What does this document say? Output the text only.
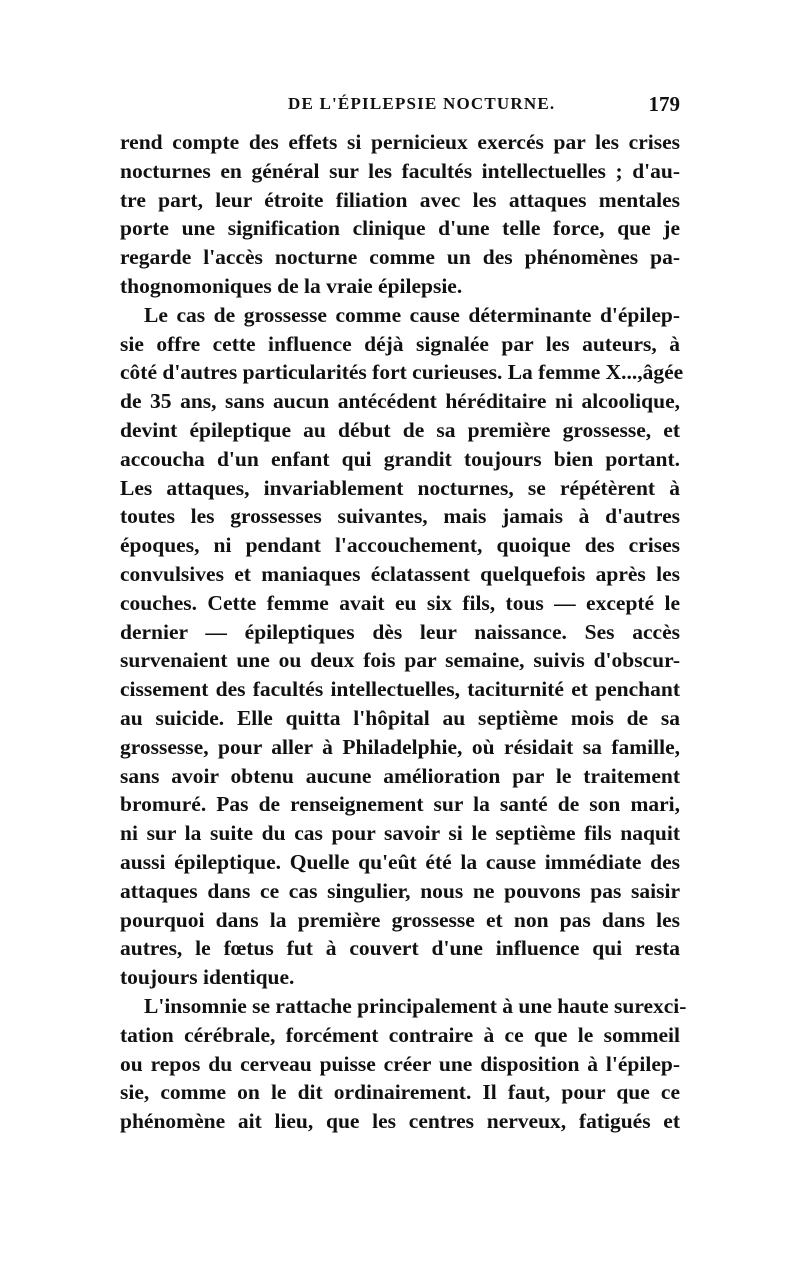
DE L'ÉPILEPSIE NOCTURNE.	179
rend compte des effets si pernicieux exercés par les crises
nocturnes en général sur les facultés intellectuelles ; d'au-
tre part, leur étroite filiation avec les attaques mentales
porte une signification clinique d'une telle force, que je
regarde l'accès nocturne comme un des phénomènes pa-
thognomoniques de la vraie épilepsie.
Le cas de grossesse comme cause déterminante d'épilep-
sie offre cette influence déjà signalée par les auteurs, à
côté d'autres particularités fort curieuses. La femme X...,âgée
de 35 ans, sans aucun antécédent héréditaire ni alcoolique,
devint épileptique au début de sa première grossesse, et
accoucha d'un enfant qui grandit toujours bien portant.
Les attaques, invariablement nocturnes, se répétèrent à
toutes les grossesses suivantes, mais jamais à d'autres
époques, ni pendant l'accouchement, quoique des crises
convulsives et maniaques éclatassent quelquefois après les
couches. Cette femme avait eu six fils, tous — excepté le
dernier — épileptiques dès leur naissance. Ses accès
survenaient une ou deux fois par semaine, suivis d'obscur-
cissement des facultés intellectuelles, taciturnité et penchant
au suicide. Elle quitta l'hôpital au septième mois de sa
grossesse, pour aller à Philadelphie, où résidait sa famille,
sans avoir obtenu aucune amélioration par le traitement
bromuré. Pas de renseignement sur la santé de son mari,
ni sur la suite du cas pour savoir si le septième fils naquit
aussi épileptique. Quelle qu'eût été la cause immédiate des
attaques dans ce cas singulier, nous ne pouvons pas saisir
pourquoi dans la première grossesse et non pas dans les
autres, le fœtus fut à couvert d'une influence qui resta
toujours identique.
L'insomnie se rattache principalement à une haute surexci-
tation cérébrale, forcément contraire à ce que le sommeil
ou repos du cerveau puisse créer une disposition à l'épilep-
sie, comme on le dit ordinairement. Il faut, pour que ce
phénomène ait lieu, que les centres nerveux, fatigués et
